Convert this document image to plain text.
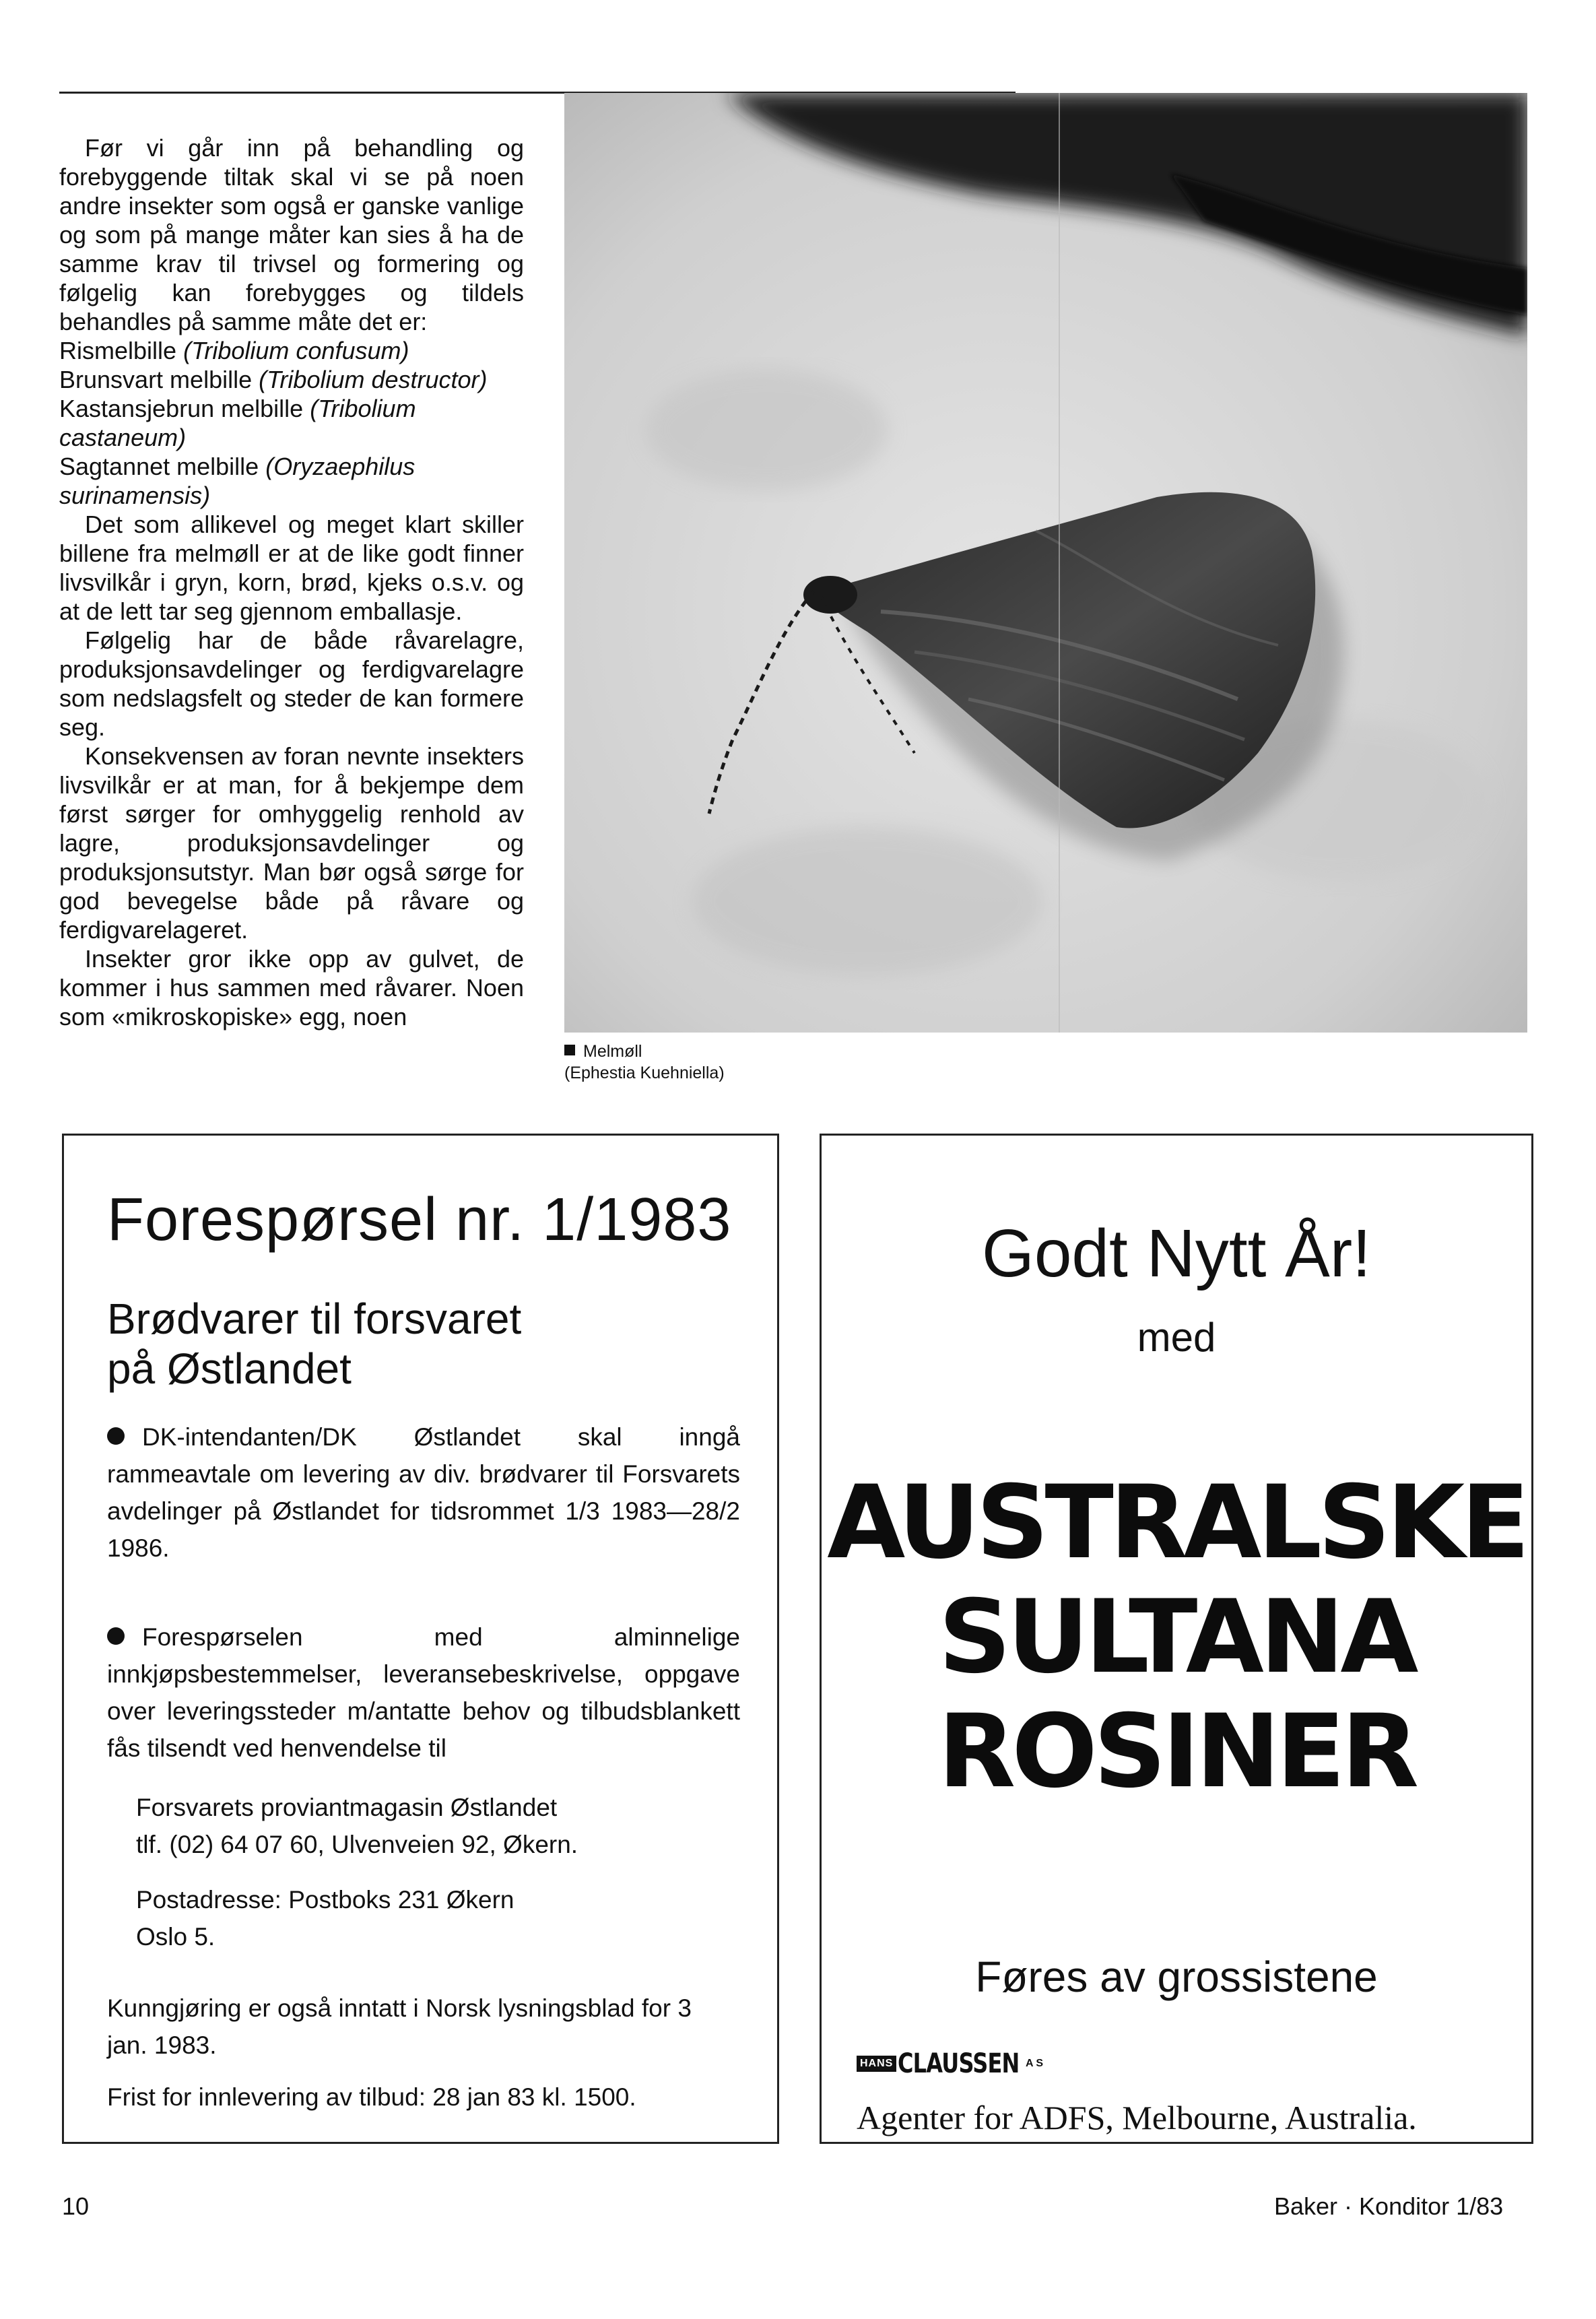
Før vi går inn på behandling og forebyggende tiltak skal vi se på noen andre insekter som også er ganske vanlige og som på mange måter kan sies å ha de samme krav til trivsel og formering og følgelig kan forebygges og tildels behandles på samme måte det er:

Rismelbille (Tribolium confusum)

Brunsvart melbille (Tribolium destructor)

Kastansjebrun melbille (Tribolium castaneum)

Sagtannet melbille (Oryzaephilus surinamensis)

Det som allikevel og meget klart skiller billene fra melmøll er at de like godt finner livsvilkår i gryn, korn, brød, kjeks o.s.v. og at de lett tar seg gjennom emballasje.

Følgelig har de både råvarelagre, produksjonsavdelinger og ferdigvarelagre som nedslagsfelt og steder de kan formere seg.

Konsekvensen av foran nevnte insekters livsvilkår er at man, for å bekjempe dem først sørger for omhyggelig renhold av lagre, produksjonsavdelinger og produksjonsutstyr. Man bør også sørge for god bevegelse både på råvare og ferdigvarelageret.

Insekter gror ikke opp av gulvet, de kommer i hus sammen med råvarer. Noen som «mikroskopiske» egg, noen

Melmøll
(Ephestia Kuehniella)
Forespørsel nr. 1/1983
Brødvarer til forsvaret
på Østlandet
DK-intendanten/DK Østlandet skal inngå rammeavtale om levering av div. brødvarer til Forsvarets avdelinger på Østlandet for tidsrommet 1/3 1983—28/2 1986.
Forespørselen med alminnelige innkjøpsbestemmelser, leveransebeskrivelse, oppgave over leveringssteder m/antatte behov og tilbudsblankett fås tilsendt ved henvendelse til
Forsvarets proviantmagasin Østlandet
tlf. (02) 64 07 60, Ulvenveien 92, Økern.
Postadresse: Postboks 231 Økern
Oslo 5.
Kunngjøring er også inntatt i Norsk lysningsblad for 3 jan. 1983.
Frist for innlevering av tilbud: 28 jan 83 kl. 1500.
Godt Nytt År!
med
AUSTRALSKE
SULTANA
ROSINER
Føres av grossistene
HANS CLAUSSEN A S
Agenter for ADFS, Melbourne, Australia.
10	Baker · Konditor 1/83
